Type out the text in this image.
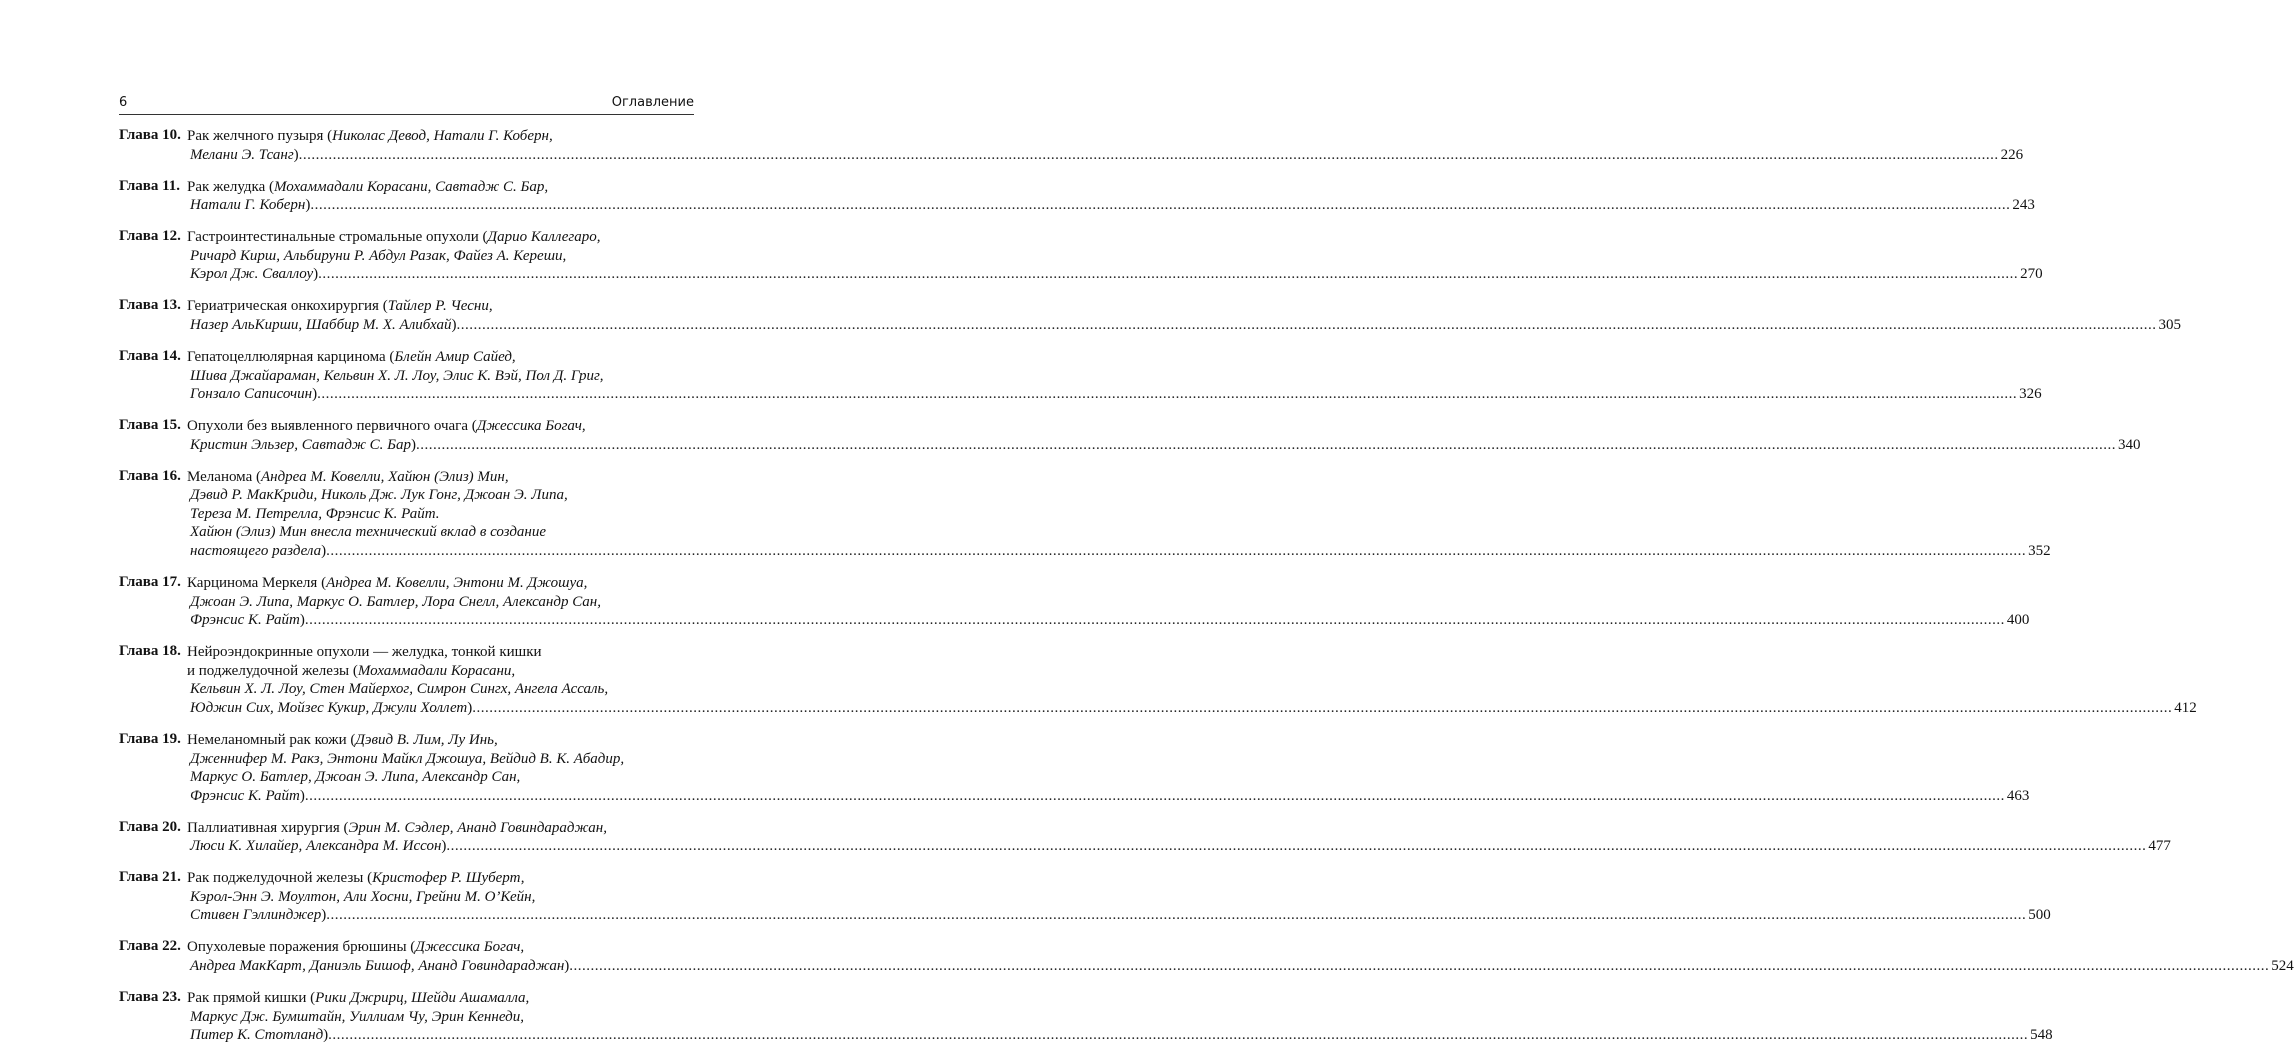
6	Оглавление
Глава 10. Рак желчного пузыря (Николас Девод, Натали Г. Коберн,
Мелани Э. Тсанг) ................................................................................................................................................................................................................................................................................................................................................................................................................ 226
Глава 11. Рак желудка (Мохаммадали Корасани, Савтадж С. Бар,
Натали Г. Коберн) ................................................................................................................................................................................................................................................................................................................................................................................................................ 243
Глава 12. Гастроинтестинальные стромальные опухоли (Дарио Каллегаро,
Ричард Кирш, Альбируни Р. Абдул Разак, Файез А. Кереши,
Кэрол Дж. Сваллоу) ................................................................................................................................................................................................................................................................................................................................................................................................................ 270
Глава 13. Гериатрическая онкохирургия (Тайлер Р. Чесни,
Назер АльКирши, Шаббир М. Х. Алибхай) ................................................................................................................................................................................................................................................................................................................................................................................................................ 305
Глава 14. Гепатоцеллюлярная карцинома (Блейн Амир Сайед,
Шива Джайараман, Кельвин Х. Л. Лоу, Элис К. Вэй, Пол Д. Григ,
Гонзало Саписочин) ................................................................................................................................................................................................................................................................................................................................................................................................................ 326
Глава 15. Опухоли без выявленного первичного очага (Джессика Богач,
Кристин Эльзер, Савтадж С. Бар) ................................................................................................................................................................................................................................................................................................................................................................................................................ 340
Глава 16. Меланома (Андреа М. Ковелли, Хайюн (Элиз) Мин,
Дэвид Р. МакКриди, Николь Дж. Лук Гонг, Джоан Э. Липа,
Тереза М. Петрелла, Фрэнсис К. Райт.
Хайюн (Элиз) Мин внесла технический вклад в создание
настоящего раздела) ................................................................................................................................................................................................................................................................................................................................................................................................................ 352
Глава 17. Карцинома Меркеля (Андреа М. Ковелли, Энтони М. Джошуа,
Джоан Э. Липа, Маркус О. Батлер, Лора Снелл, Александр Сан,
Фрэнсис К. Райт) ................................................................................................................................................................................................................................................................................................................................................................................................................ 400
Глава 18. Нейроэндокринные опухоли — желудка, тонкой кишки
и поджелудочной железы (Мохаммадали Корасани,
Кельвин Х. Л. Лоу, Стен Майерхог, Симрон Сингх, Ангела Ассаль,
Юджин Сих, Мойзес Кукир, Джули Холлет) ................................................................................................................................................................................................................................................................................................................................................................................................................ 412
Глава 19. Немеланомный рак кожи (Дэвид В. Лим, Лу Инь,
Дженнифер М. Ракз, Энтони Майкл Джошуа, Вейдид В. К. Абадир,
Маркус О. Батлер, Джоан Э. Липа, Александр Сан,
Фрэнсис К. Райт) ................................................................................................................................................................................................................................................................................................................................................................................................................ 463
Глава 20. Паллиативная хирургия (Эрин М. Сэдлер, Ананд Говиндараджан,
Люси К. Хилайер, Александра М. Иссон) ................................................................................................................................................................................................................................................................................................................................................................................................................ 477
Глава 21. Рак поджелудочной железы (Кристофер Р. Шуберт,
Кэрол-Энн Э. Моултон, Али Хосни, Грейни М. О’Кейн,
Стивен Гэллинджер) ................................................................................................................................................................................................................................................................................................................................................................................................................ 500
Глава 22. Опухолевые поражения брюшины (Джессика Богач,
Андреа МакКарт, Даниэль Бишоф, Ананд Говиндараджан) ................................................................................................................................................................................................................................................................................................................................................................................................................ 524
Глава 23. Рак прямой кишки (Рики Джрирц, Шейди Ашамалла,
Маркус Дж. Бумштайн, Уиллиам Чу, Эрин Кеннеди,
Питер К. Стотланд) ................................................................................................................................................................................................................................................................................................................................................................................................................ 548
